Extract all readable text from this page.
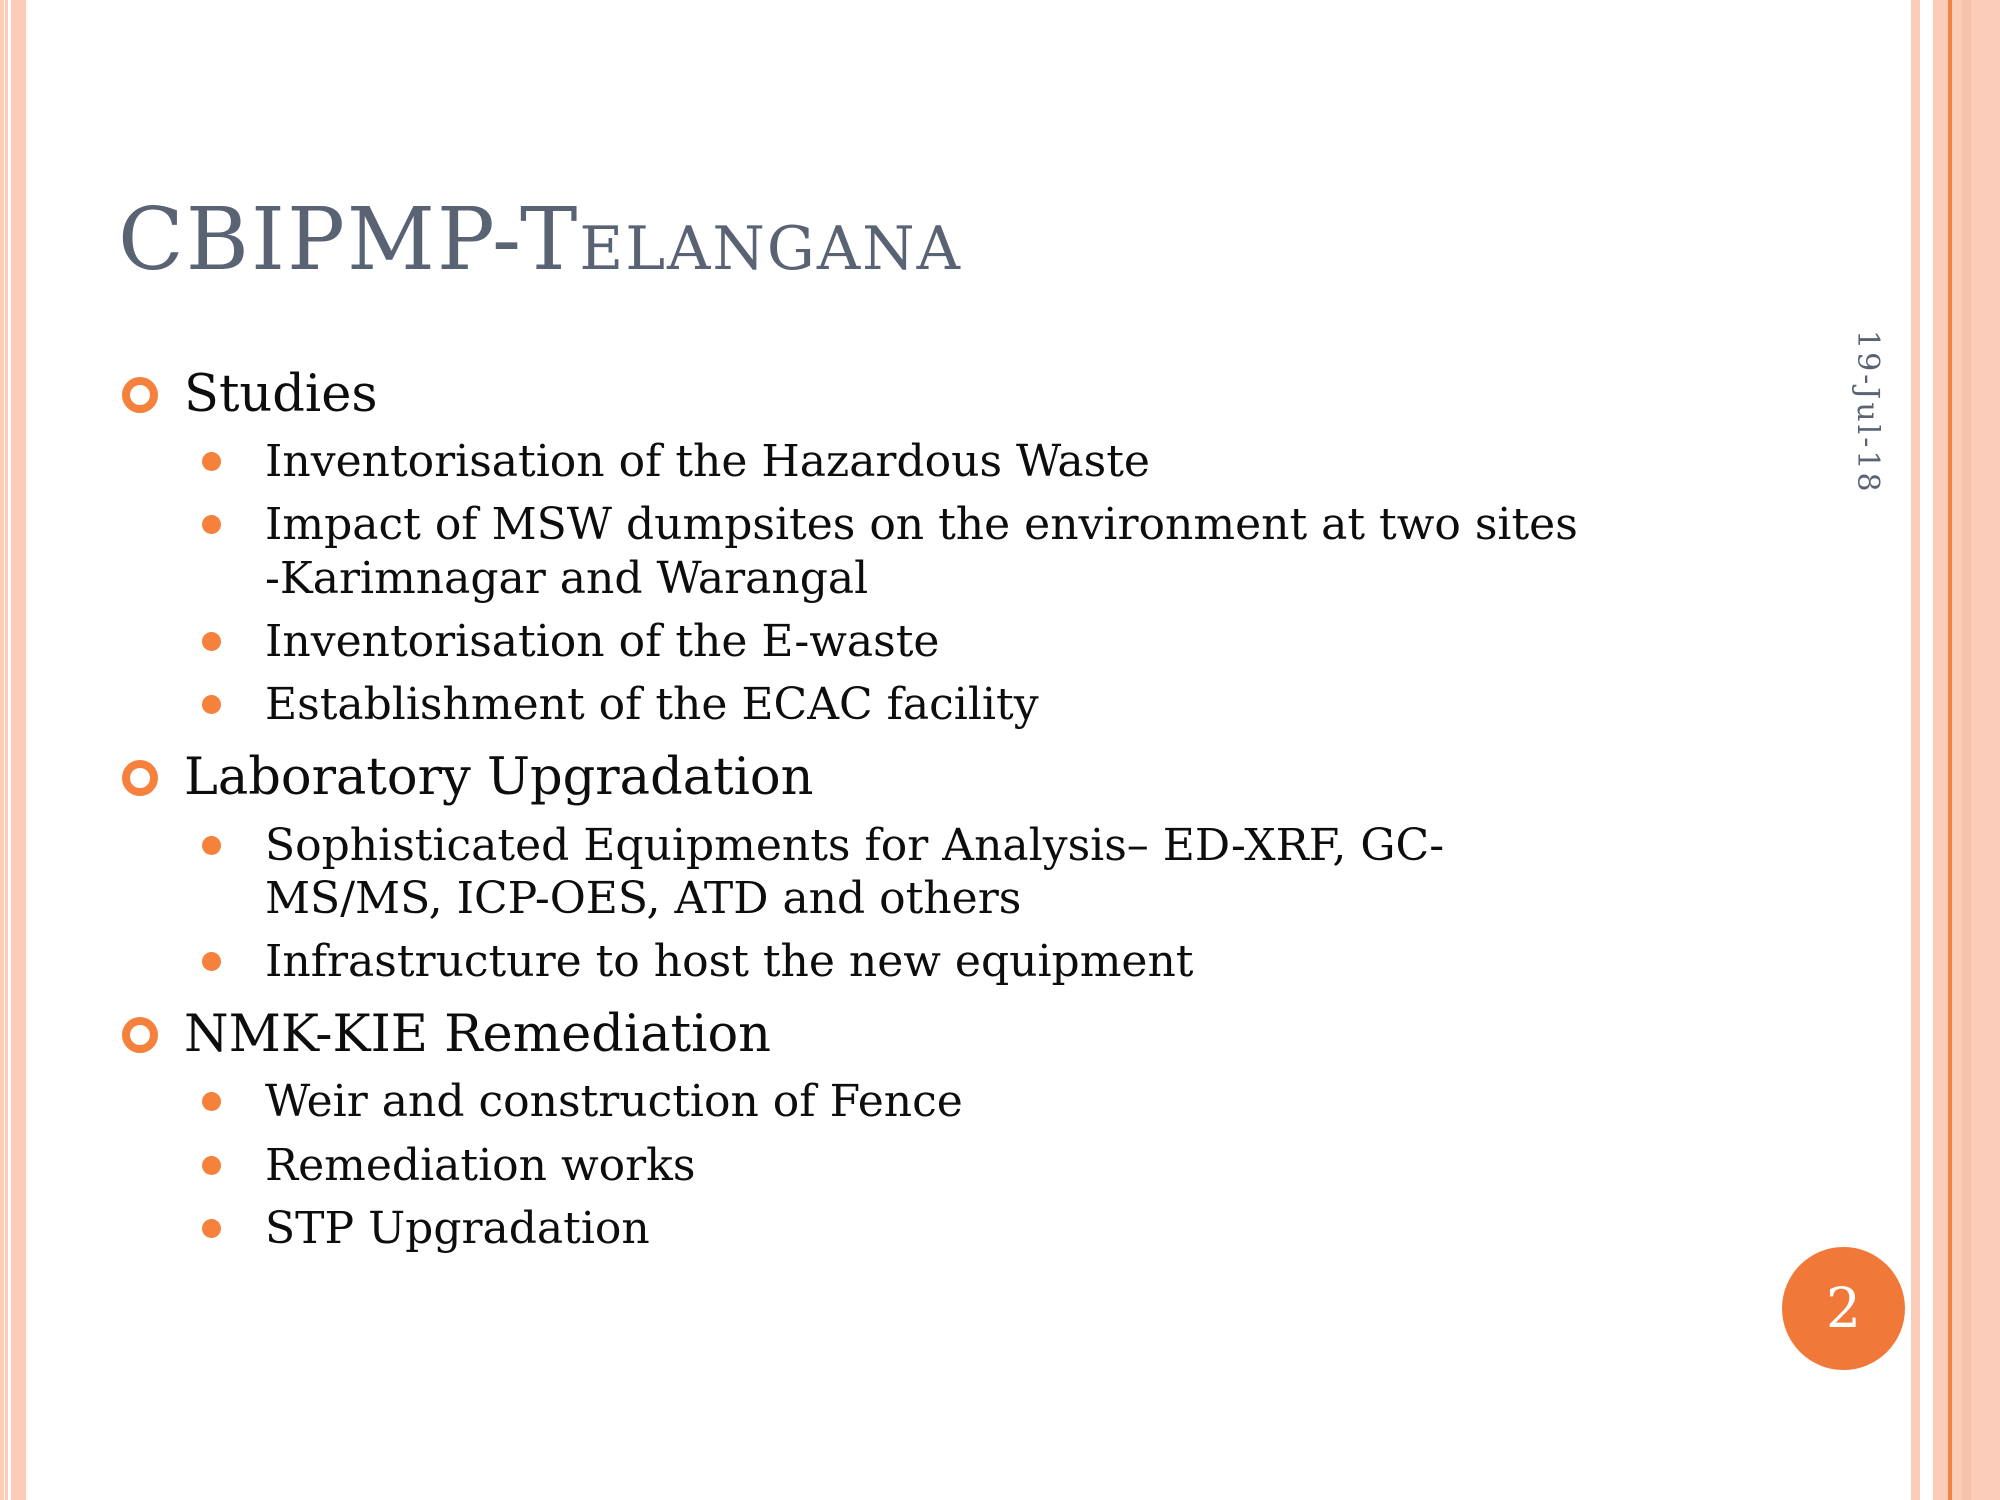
CBIPMP-Telangana
19-Jul-18
Studies
Inventorisation of the Hazardous Waste
Impact of MSW dumpsites on the environment at two sites
-Karimnagar and Warangal
Inventorisation of the E-waste
Establishment of the ECAC facility
Laboratory Upgradation
Sophisticated Equipments for Analysis– ED-XRF, GC-
MS/MS, ICP-OES, ATD and others
Infrastructure to host the new equipment
NMK-KIE Remediation
Weir and construction of Fence
Remediation works
STP Upgradation
2
